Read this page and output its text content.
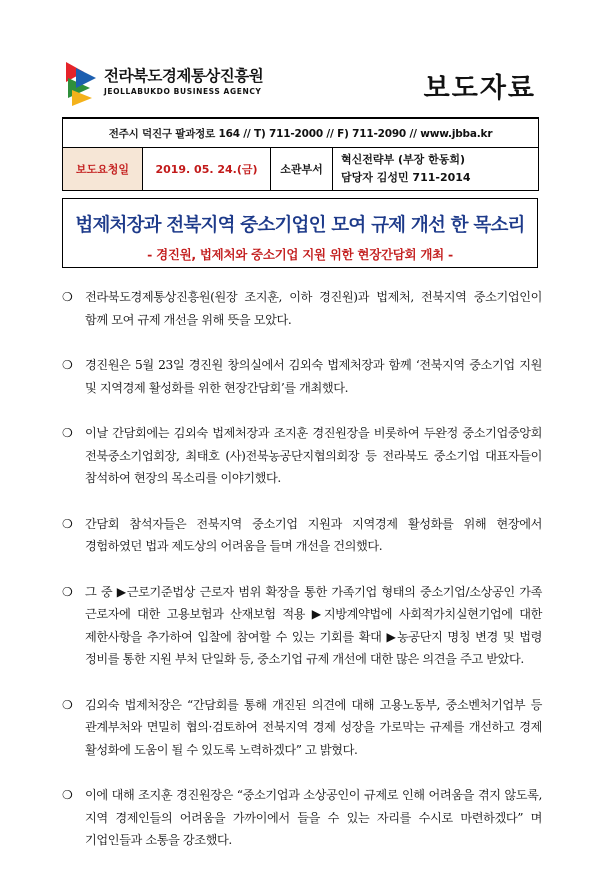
전라북도경제통상진흥원
JEOLLABUKDO BUSINESS AGENCY	보도자료
전주시 덕진구 팔과정로 164 // T) 711-2000 // F) 711-2090 // www.jbba.kr
보도요청일	2019. 05. 24.(금)	소관부서	
혁신전략부 (부장 한동희)
담당자 김성민 711-2014
법제처장과 전북지역 중소기업인 모여 규제 개선 한 목소리
- 경진원, 법제처와 중소기업 지원 위한 현장간담회 개최 -
❍ 전라북도경제통상진흥원(원장 조지훈, 이하 경진원)과 법제처, 전북지역 중소기업인이 함께 모여 규제 개선을 위해 뜻을 모았다.
❍ 경진원은 5월 23일 경진원 창의실에서 김외숙 법제처장과 함께 ‘전북지역 중소기업 지원 및 지역경제 활성화를 위한 현장간담회’를 개최했다.
❍ 이날 간담회에는 김외숙 법제처장과 조지훈 경진원장을 비롯하여 두완정 중소기업중앙회 전북중소기업회장, 최태호 (사)전북농공단지협의회장 등 전라북도 중소기업 대표자들이 참석하여 현장의 목소리를 이야기했다.
❍ 간담회 참석자들은 전북지역 중소기업 지원과 지역경제 활성화를 위해 현장에서 경험하였던 법과 제도상의 어려움을 들며 개선을 건의했다.
❍ 그 중 ▶근로기준법상 근로자 범위 확장을 통한 가족기업 형태의 중소기업/소상공인 가족 근로자에 대한 고용보험과 산재보험 적용 ▶지방계약법에 사회적가치실현기업에 대한 제한사항을 추가하여 입찰에 참여할 수 있는 기회를 확대 ▶농공단지 명칭 변경 및 법령 정비를 통한 지원 부처 단일화 등, 중소기업 규제 개선에 대한 많은 의견을 주고 받았다.
❍ 김외숙 법제처장은 “간담회를 통해 개진된 의견에 대해 고용노동부, 중소벤처기업부 등 관계부처와 면밀히 협의·검토하여 전북지역 경제 성장을 가로막는 규제를 개선하고 경제 활성화에 도움이 될 수 있도록 노력하겠다” 고 밝혔다.
❍ 이에 대해 조지훈 경진원장은 “중소기업과 소상공인이 규제로 인해 어려움을 겪지 않도록, 지역 경제인들의 어려움을 가까이에서 들을 수 있는 자리를 수시로 마련하겠다” 며 기업인들과 소통을 강조했다.
